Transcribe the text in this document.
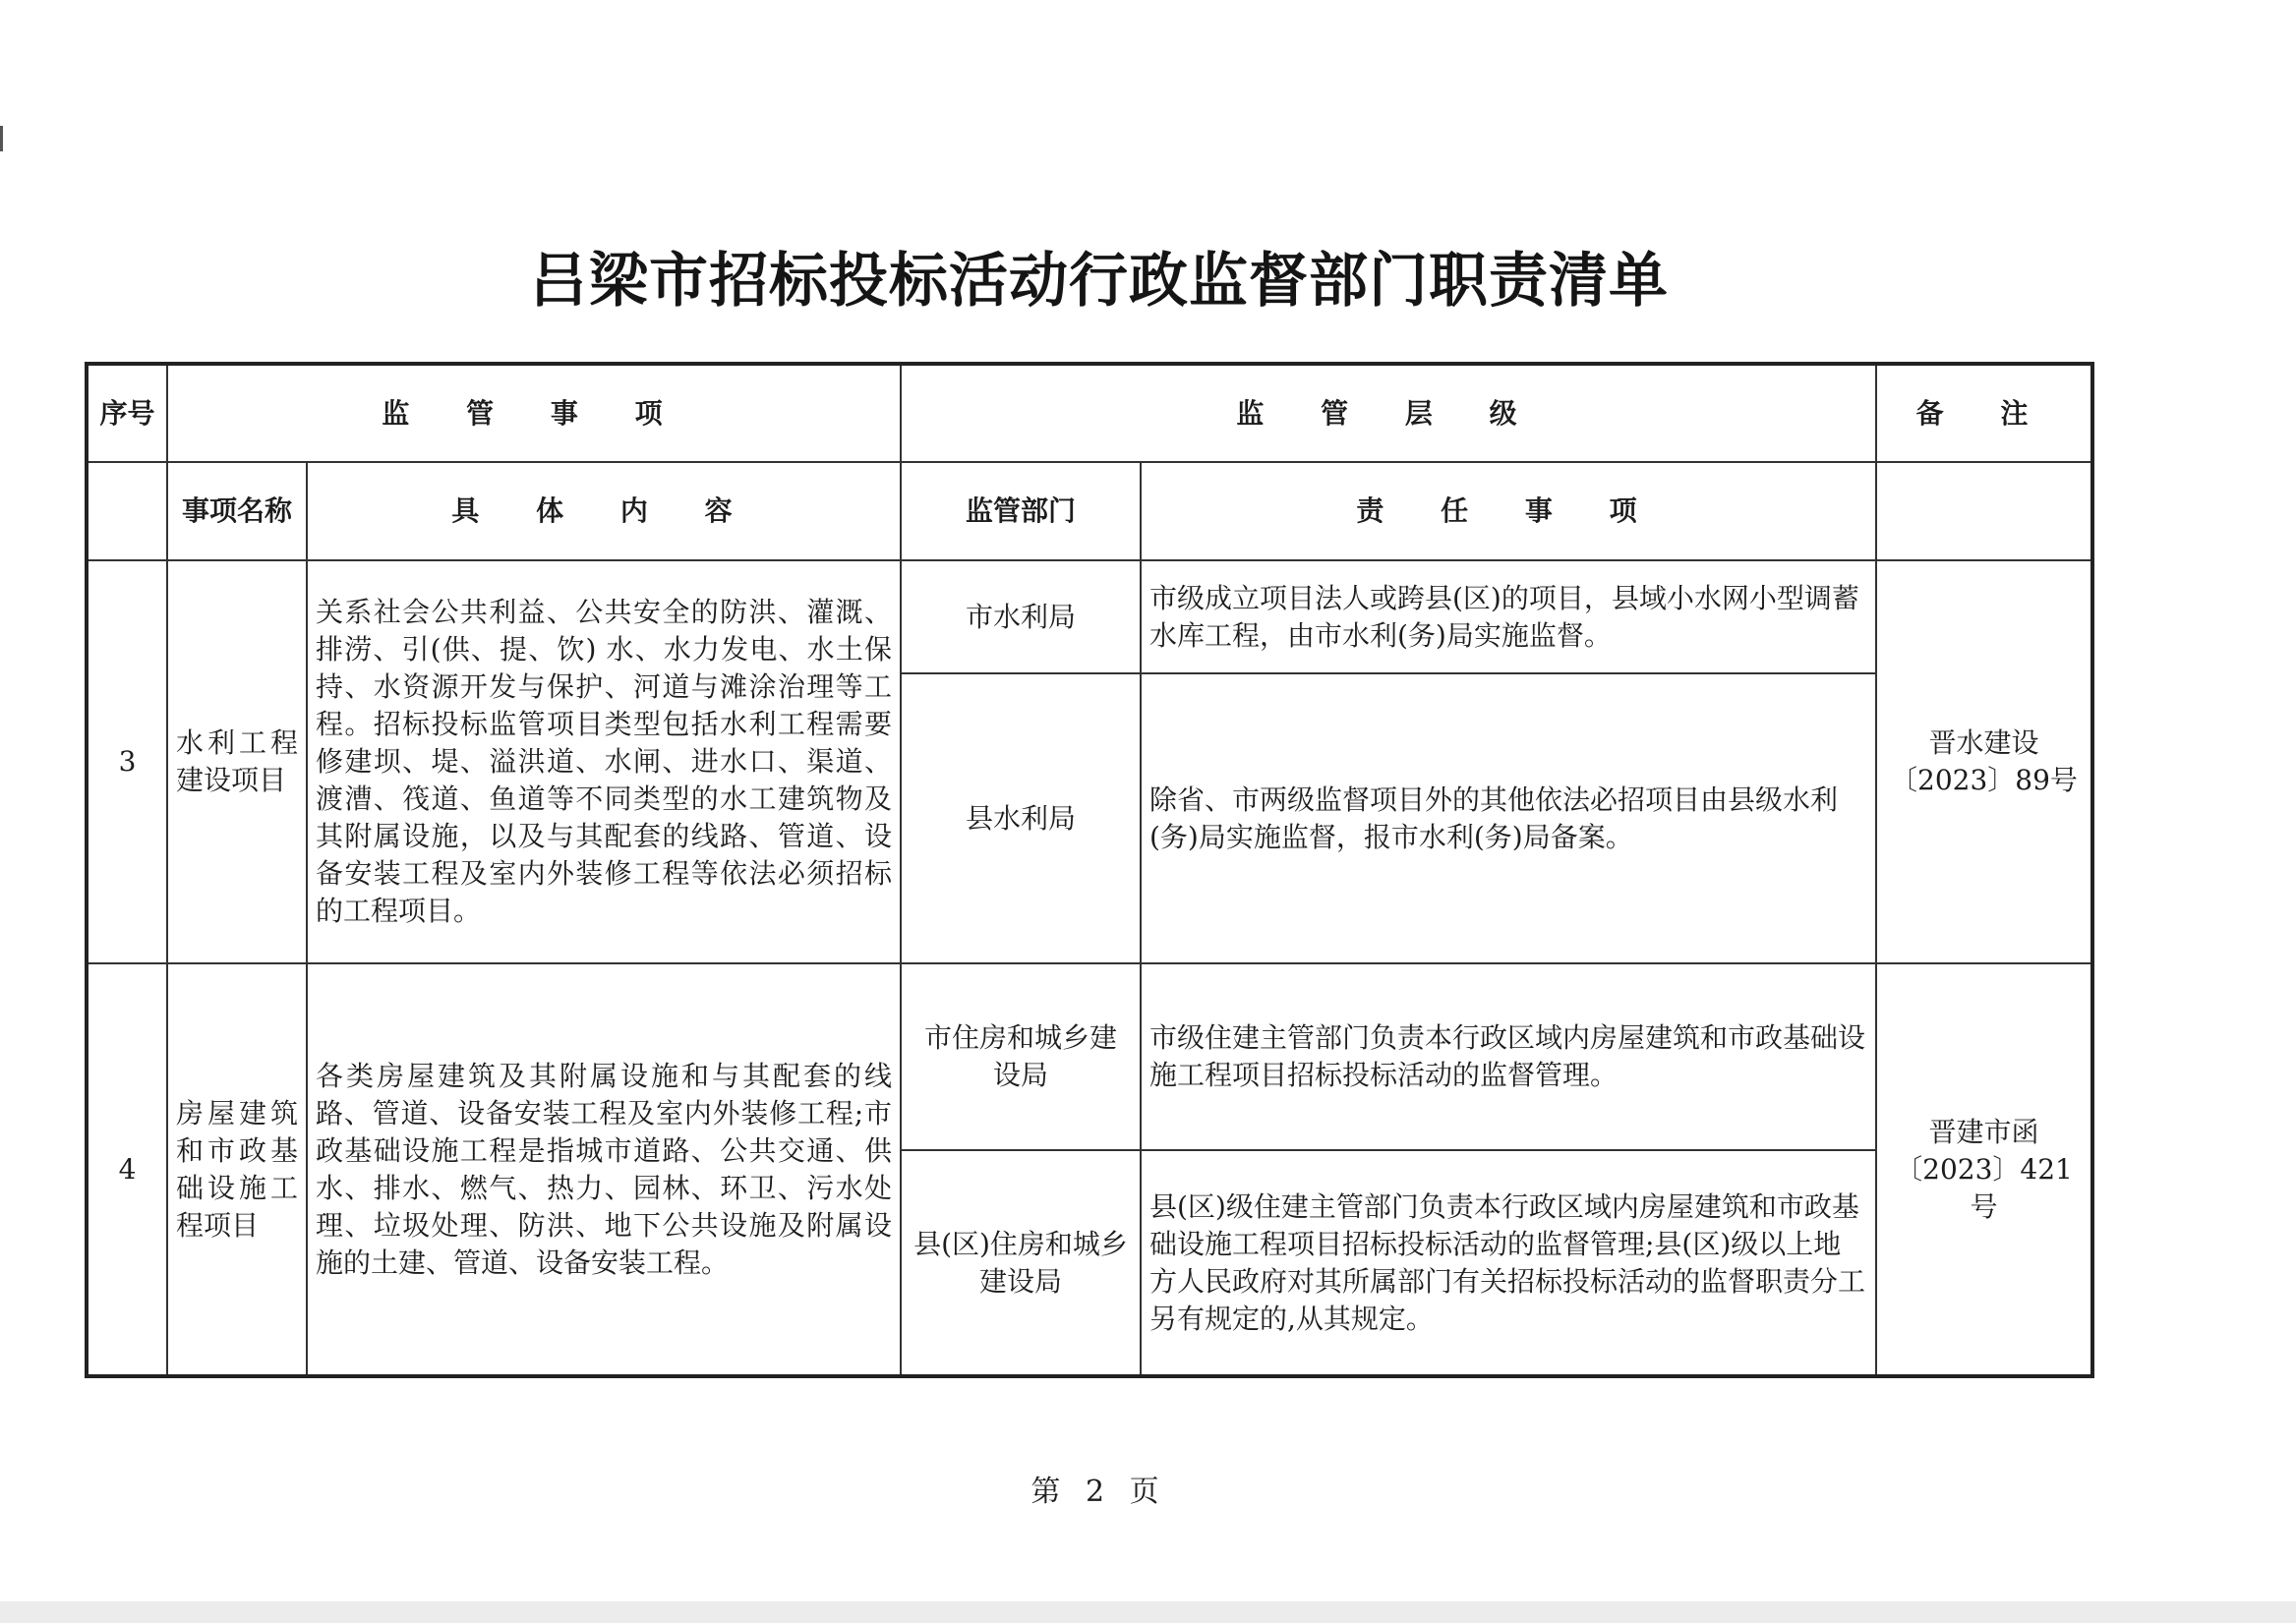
吕梁市招标投标活动行政监督部门职责清单
序号	监 管 事 项		监 管 层 级		备 注
	事项名称	具 体 内 容	监管部门	责 任 事 项	
3	水利工程建设项目	关系社会公共利益、公共安全的防洪、灌溉、排涝、引(供、提、饮) 水、水力发电、水土保持、水资源开发与保护、河道与滩涂治理等工程。招标投标监管项目类型包括水利工程需要修建坝、堤、溢洪道、水闸、进水口、渠道、渡漕、筏道、鱼道等不同类型的水工建筑物及其附属设施，以及与其配套的线路、管道、设备安装工程及室内外装修工程等依法必须招标的工程项目。	市水利局	市级成立项目法人或跨县(区)的项目，县域小水网小型调蓄水库工程，由市水利(务)局实施监督。	晋水建设〔2023〕89号
			县水利局	除省、市两级监督项目外的其他依法必招项目由县级水利(务)局实施监督，报市水利(务)局备案。	
4	房屋建筑和市政基础设施工程项目	各类房屋建筑及其附属设施和与其配套的线路、管道、设备安装工程及室内外装修工程;市政基础设施工程是指城市道路、公共交通、供水、排水、燃气、热力、园林、环卫、污水处理、垃圾处理、防洪、地下公共设施及附属设施的土建、管道、设备安装工程。	市住房和城乡建设局	市级住建主管部门负责本行政区域内房屋建筑和市政基础设施工程项目招标投标活动的监督管理。	晋建市函〔2023〕421号
			县(区)住房和城乡建设局	县(区)级住建主管部门负责本行政区域内房屋建筑和市政基础设施工程项目招标投标活动的监督管理;县(区)级以上地方人民政府对其所属部门有关招标投标活动的监督职责分工另有规定的,从其规定。	
第 2 页
